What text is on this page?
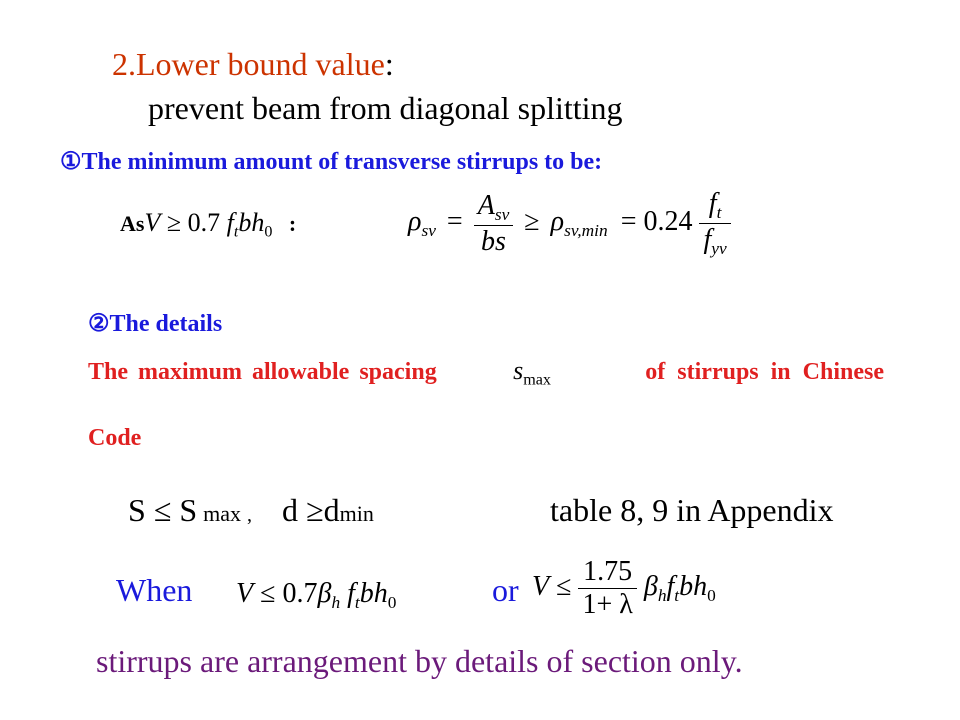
2.Lower bound value:
prevent beam from diagonal splitting
①The minimum amount of transverse stirrups to be:
AsV ≥ 0.7 $f_tbh_0$ :	$\rho_{sv} = \frac{A_{sv}}{bs} \ge \rho_{sv,min} = 0.24 \frac{f_t}{f_{yv}}$
②The details
The maximum allowable spacing	$s_{max}$	of stirrups in Chinese
Code
S ≤ S max , d ≥dmin	table 8, 9 in Appendix
When $V \le 0.7\beta_h$ $f_tbh_0$	or $V \le \frac{1.75}{1+ \lambda} \beta_hf_tbh_0$
stirrups are arrangement by details of section only.
